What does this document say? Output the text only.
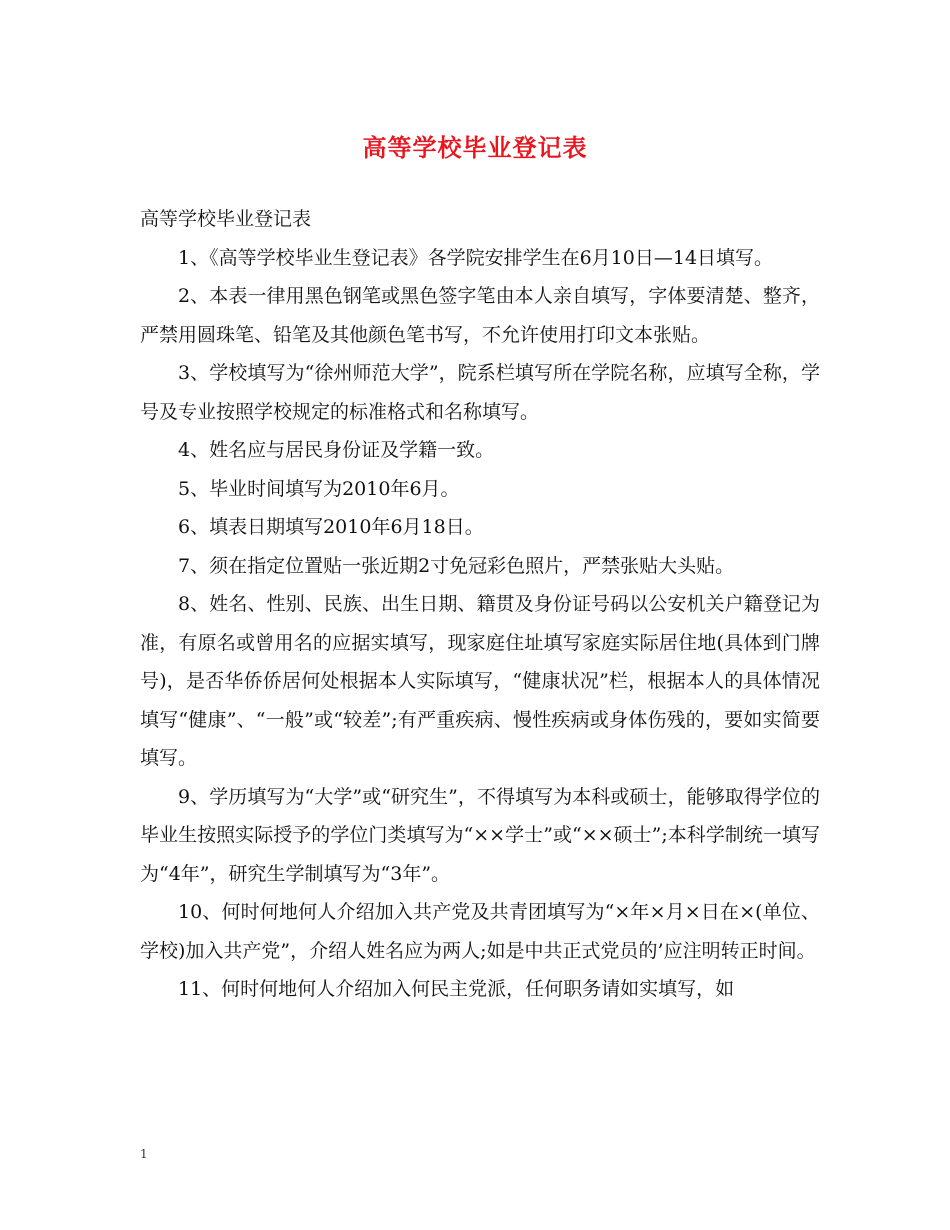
高等学校毕业登记表

高等学校毕业登记表

1、《高等学校毕业生登记表》各学院安排学生在6月10日—14日填写。

2、本表一律用黑色钢笔或黑色签字笔由本人亲自填写，字体要清楚、整齐，严禁用圆珠笔、铅笔及其他颜色笔书写，不允许使用打印文本张贴。

3、学校填写为“徐州师范大学”，院系栏填写所在学院名称，应填写全称，学号及专业按照学校规定的标准格式和名称填写。

4、姓名应与居民身份证及学籍一致。

5、毕业时间填写为2010年6月。

6、填表日期填写2010年6月18日。

7、须在指定位置贴一张近期2寸免冠彩色照片，严禁张贴大头贴。

8、姓名、性别、民族、出生日期、籍贯及身份证号码以公安机关户籍登记为准，有原名或曾用名的应据实填写，现家庭住址填写家庭实际居住地(具体到门牌号)，是否华侨侨居何处根据本人实际填写，“健康状况”栏，根据本人的具体情况填写“健康”、“一般”或“较差”;有严重疾病、慢性疾病或身体伤残的，要如实简要填写。

9、学历填写为“大学”或“研究生”，不得填写为本科或硕士，能够取得学位的毕业生按照实际授予的学位门类填写为“××学士”或“××硕士”;本科学制统一填写为“4年”，研究生学制填写为“3年”。

10、何时何地何人介绍加入共产党及共青团填写为“×年×月×日在×(单位、学校)加入共产党”，介绍人姓名应为两人;如是中共正式党员的’应注明转正时间。

11、何时何地何人介绍加入何民主党派，任何职务请如实填写，如

1
